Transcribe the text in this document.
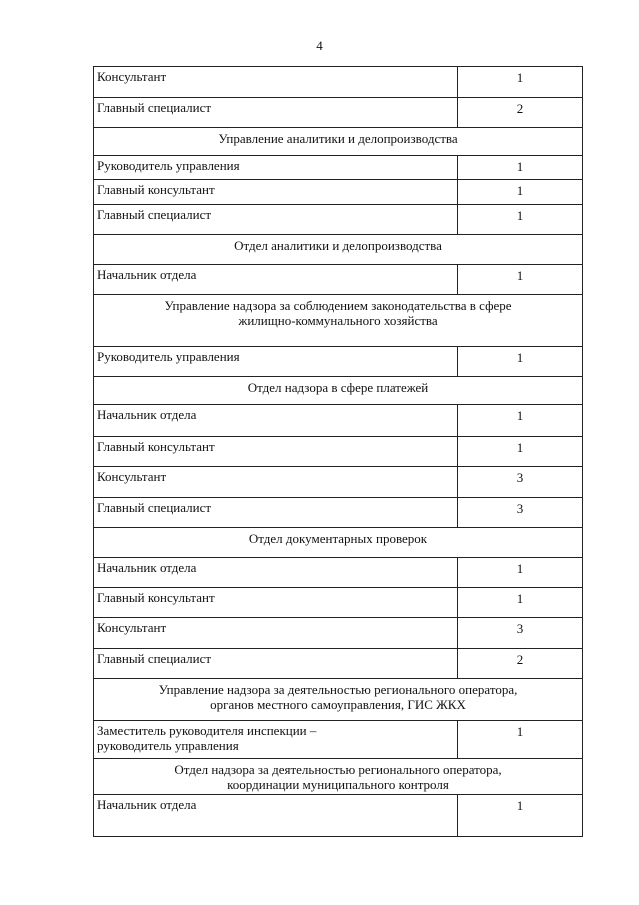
4
Консультант	1
Главный специалист	2

Управление аналитики и делопроизводства	

Руководитель управления	1
Главный консультант	1
Главный специалист	1

Отдел аналитики и делопроизводства	

Начальник отдела	1

Управление надзора за соблюдением законодательства в сфере
жилищно-коммунального хозяйства	

Руководитель управления	1

Отдел надзора в сфере платежей	

Начальник отдела	1
Главный консультант	1
Консультант	3
Главный специалист	3

Отдел документарных проверок	

Начальник отдела	1
Главный консультант	1
Консультант	3
Главный специалист	2

Управление надзора за деятельностью регионального оператора,
органов местного самоуправления, ГИС ЖКХ	

Заместитель руководителя инспекции –
руководитель управления	1

Отдел надзора за деятельностью регионального оператора,
координации муниципального контроля	

Начальник отдела	1
